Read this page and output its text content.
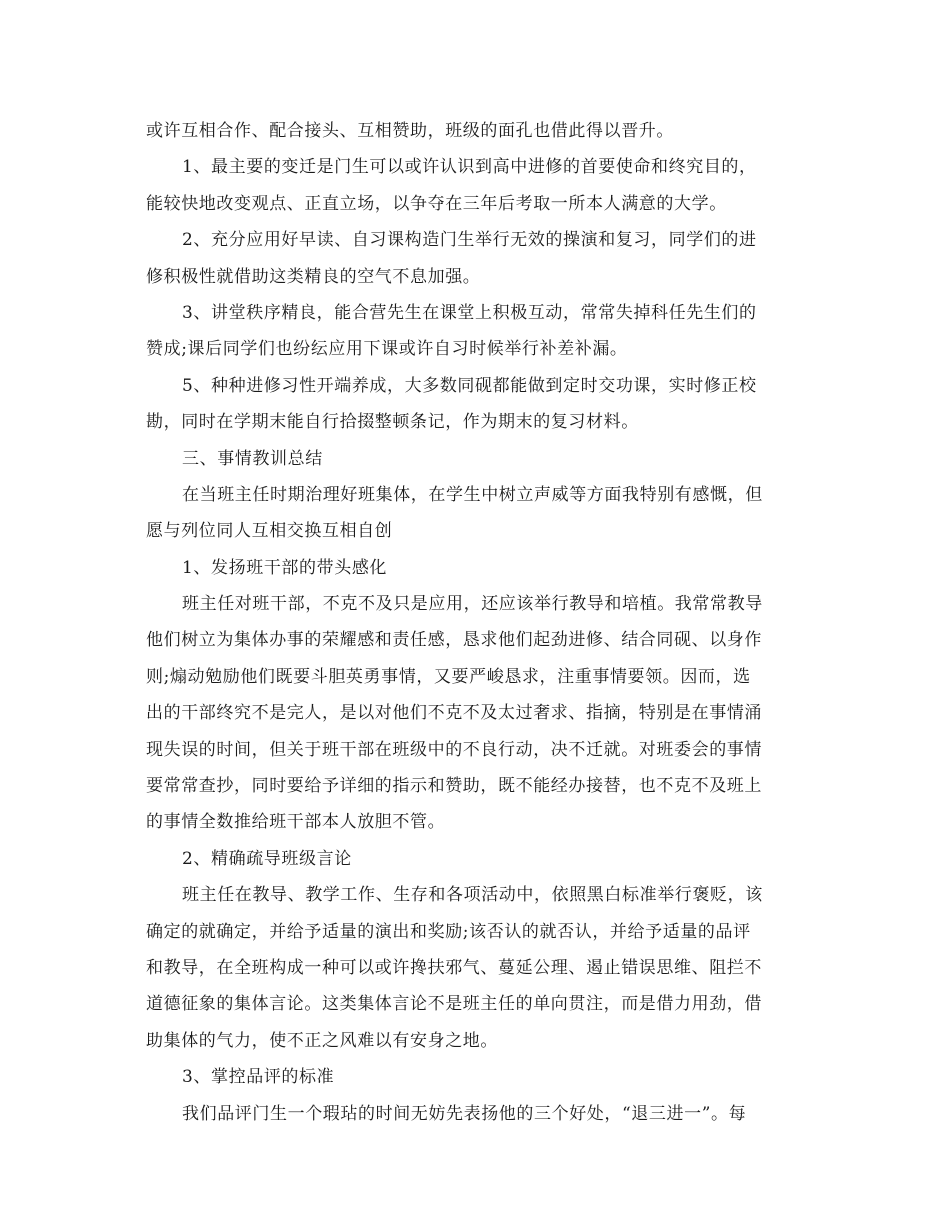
或许互相合作、配合接头、互相赞助，班级的面孔也借此得以晋升。
1、最主要的变迁是门生可以或许认识到高中进修的首要使命和终究目的，
能较快地改变观点、正直立场，以争夺在三年后考取一所本人满意的大学。
2、充分应用好早读、自习课构造门生举行无效的操演和复习，同学们的进
修积极性就借助这类精良的空气不息加强。
3、讲堂秩序精良，能合营先生在课堂上积极互动，常常失掉科任先生们的
赞成;课后同学们也纷纭应用下课或许自习时候举行补差补漏。
5、种种进修习性开端养成，大多数同砚都能做到定时交功课，实时修正校
勘，同时在学期末能自行拾掇整顿条记，作为期末的复习材料。
三、事情教训总结
在当班主任时期治理好班集体，在学生中树立声威等方面我特别有感慨，但
愿与列位同人互相交换互相自创
1、发扬班干部的带头感化
班主任对班干部，不克不及只是应用，还应该举行教导和培植。我常常教导
他们树立为集体办事的荣耀感和责任感，恳求他们起劲进修、结合同砚、以身作
则;煽动勉励他们既要斗胆英勇事情，又要严峻恳求，注重事情要领。因而，选
出的干部终究不是完人，是以对他们不克不及太过奢求、指摘，特别是在事情涌
现失误的时间，但关于班干部在班级中的不良行动，决不迁就。对班委会的事情
要常常查抄，同时要给予详细的指示和赞助，既不能经办接替，也不克不及班上
的事情全数推给班干部本人放胆不管。
2、精确疏导班级言论
班主任在教导、教学工作、生存和各项活动中，依照黑白标准举行褒贬，该
确定的就确定，并给予适量的演出和奖励;该否认的就否认，并给予适量的品评
和教导，在全班构成一种可以或许搀扶邪气、蔓延公理、遏止错误思维、阻拦不
道德征象的集体言论。这类集体言论不是班主任的单向贯注，而是借力用劲，借
助集体的气力，使不正之风难以有安身之地。
3、掌控品评的标准
我们品评门生一个瑕玷的时间无妨先表扬他的三个好处，“退三进一”。每
